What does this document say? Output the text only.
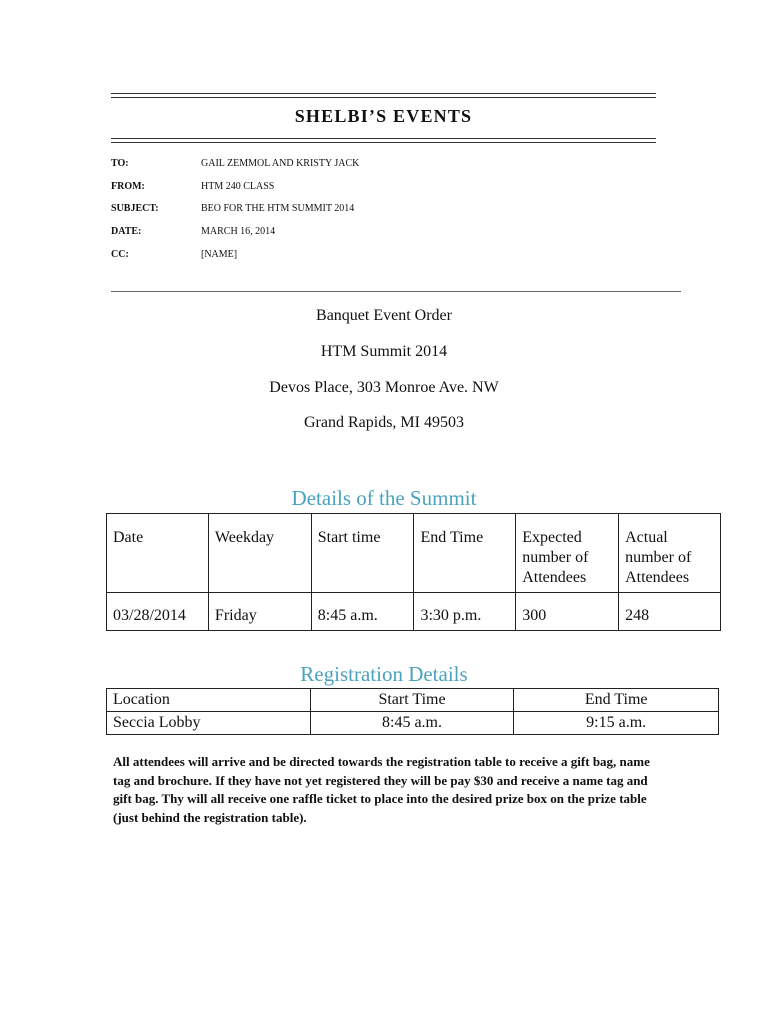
SHELBI’S EVENTS
TO:	GAIL ZEMMOL AND KRISTY JACK
FROM:	HTM 240 CLASS
SUBJECT:	BEO FOR THE HTM SUMMIT 2014
DATE:	MARCH 16, 2014
CC:	[NAME]
Banquet Event Order
HTM Summit 2014
Devos Place, 303 Monroe Ave. NW
Grand Rapids, MI 49503
Details of the Summit
Date	Weekday	Start time	End Time	Expected number of Attendees	Actual number of Attendees
03/28/2014	Friday	8:45 a.m.	3:30 p.m.	300	248
Registration Details
Location	Start Time	End Time
Seccia Lobby	8:45 a.m.	9:15 a.m.
All attendees will arrive and be directed towards the registration table to receive a gift bag, name tag and brochure. If they have not yet registered they will be pay $30 and receive a name tag and gift bag. Thy will all receive one raffle ticket to place into the desired prize box on the prize table (just behind the registration table).
